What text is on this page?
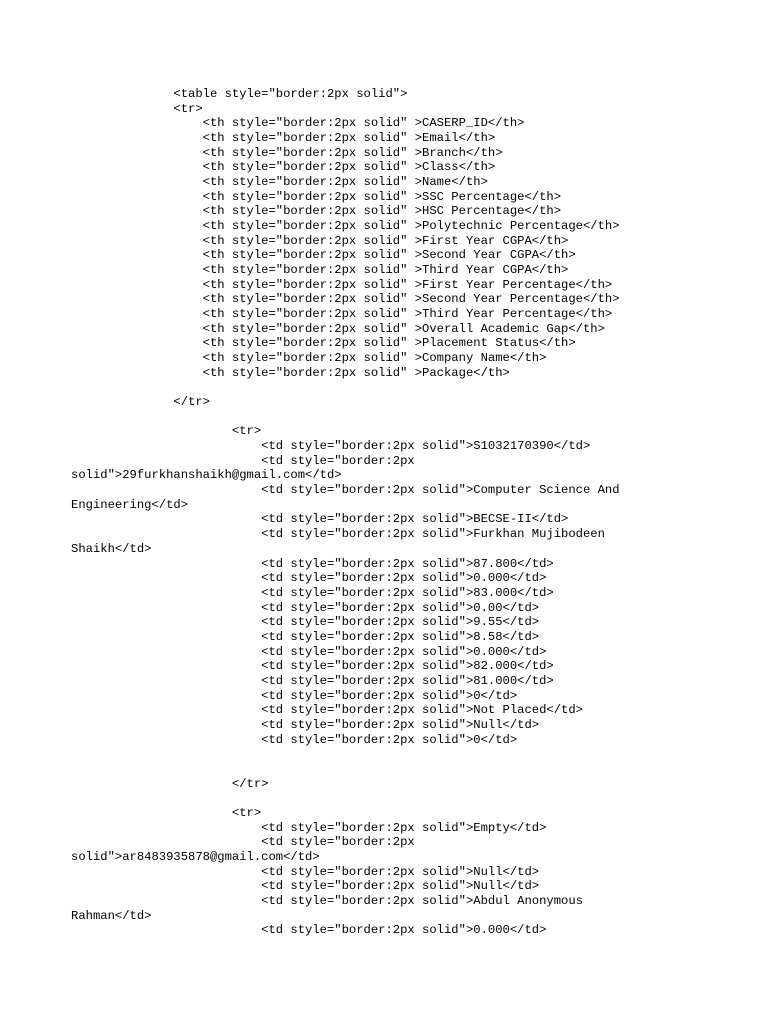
<table style="border:2px solid">
<tr>
<th style="border:2px solid" >CASERP_ID</th>
<th style="border:2px solid" >Email</th>
<th style="border:2px solid" >Branch</th>
<th style="border:2px solid" >Class</th>
<th style="border:2px solid" >Name</th>
<th style="border:2px solid" >SSC Percentage</th>
<th style="border:2px solid" >HSC Percentage</th>
<th style="border:2px solid" >Polytechnic Percentage</th>
<th style="border:2px solid" >First Year CGPA</th>
<th style="border:2px solid" >Second Year CGPA</th>
<th style="border:2px solid" >Third Year CGPA</th>
<th style="border:2px solid" >First Year Percentage</th>
<th style="border:2px solid" >Second Year Percentage</th>
<th style="border:2px solid" >Third Year Percentage</th>
<th style="border:2px solid" >Overall Academic Gap</th>
<th style="border:2px solid" >Placement Status</th>
<th style="border:2px solid" >Company Name</th>
<th style="border:2px solid" >Package</th>
</tr>
<tr>
<td style="border:2px solid">S1032170390</td>
<td style="border:2px
solid">29furkhanshaikh@gmail.com</td>
<td style="border:2px solid">Computer Science And
Engineering</td>
<td style="border:2px solid">BECSE-II</td>
<td style="border:2px solid">Furkhan Mujibodeen
Shaikh</td>
<td style="border:2px solid">87.800</td>
<td style="border:2px solid">0.000</td>
<td style="border:2px solid">83.000</td>
<td style="border:2px solid">0.00</td>
<td style="border:2px solid">9.55</td>
<td style="border:2px solid">8.58</td>
<td style="border:2px solid">0.000</td>
<td style="border:2px solid">82.000</td>
<td style="border:2px solid">81.000</td>
<td style="border:2px solid">0</td>
<td style="border:2px solid">Not Placed</td>
<td style="border:2px solid">Null</td>
<td style="border:2px solid">0</td>
</tr>
<tr>
<td style="border:2px solid">Empty</td>
<td style="border:2px
solid">ar8483935878@gmail.com</td>
<td style="border:2px solid">Null</td>
<td style="border:2px solid">Null</td>
<td style="border:2px solid">Abdul Anonymous
Rahman</td>
<td style="border:2px solid">0.000</td>
